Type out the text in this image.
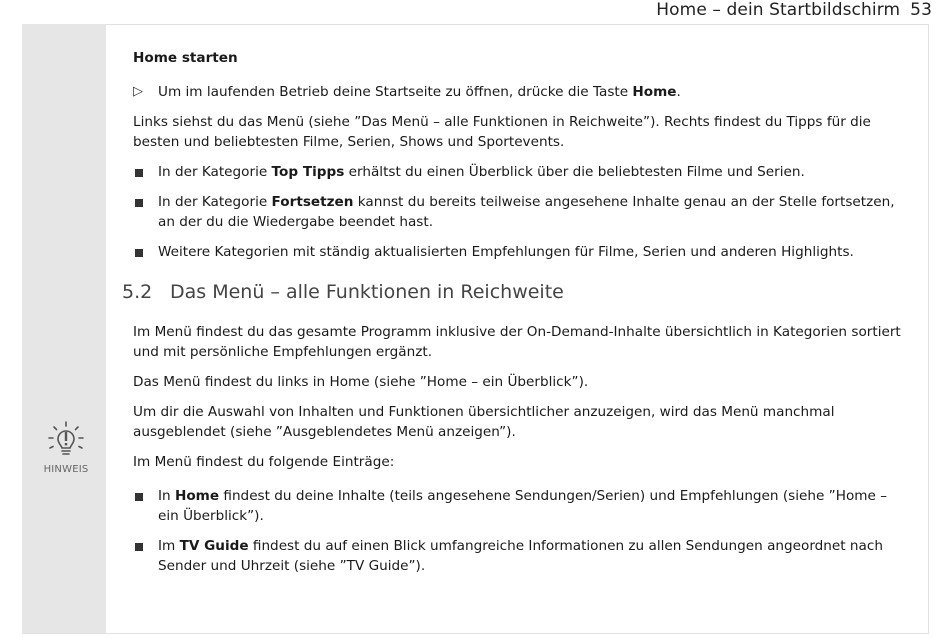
Home – dein Startbildschirm 53
HINWEIS
Home starten
▷ Um im laufenden Betrieb deine Startseite zu öffnen, drücke die Taste Home.

Links siehst du das Menü (siehe ”Das Menü – alle Funktionen in Reichweite”). Rechts findest du Tipps für die besten und beliebtesten Filme, Serien, Shows und Sportevents.

In der Kategorie Top Tipps erhältst du einen Überblick über die beliebtesten Filme und Serien.
In der Kategorie Fortsetzen kannst du bereits teilweise angesehene Inhalte genau an der Stelle fortsetzen, an der du die Wiedergabe beendet hast.
Weitere Kategorien mit ständig aktualisierten Empfehlungen für Filme, Serien und anderen Highlights.
5.2 Das Menü – alle Funktionen in Reichweite

Im Menü findest du das gesamte Programm inklusive der On-Demand-Inhalte übersichtlich in Kategorien sortiert und mit persönliche Empfehlungen ergänzt.

Das Menü findest du links in Home (siehe ”Home – ein Überblick”).

Um dir die Auswahl von Inhalten und Funktionen übersichtlicher anzuzeigen, wird das Menü manchmal ausgeblendet (siehe ”Ausgeblendetes Menü anzeigen”).

Im Menü findest du folgende Einträge:

In Home findest du deine Inhalte (teils angesehene Sendungen/Serien) und Empfehlungen (siehe ”Home – ein Überblick”).
Im TV Guide findest du auf einen Blick umfangreiche Informationen zu allen Sendungen angeordnet nach Sender und Uhrzeit (siehe ”TV Guide”).
